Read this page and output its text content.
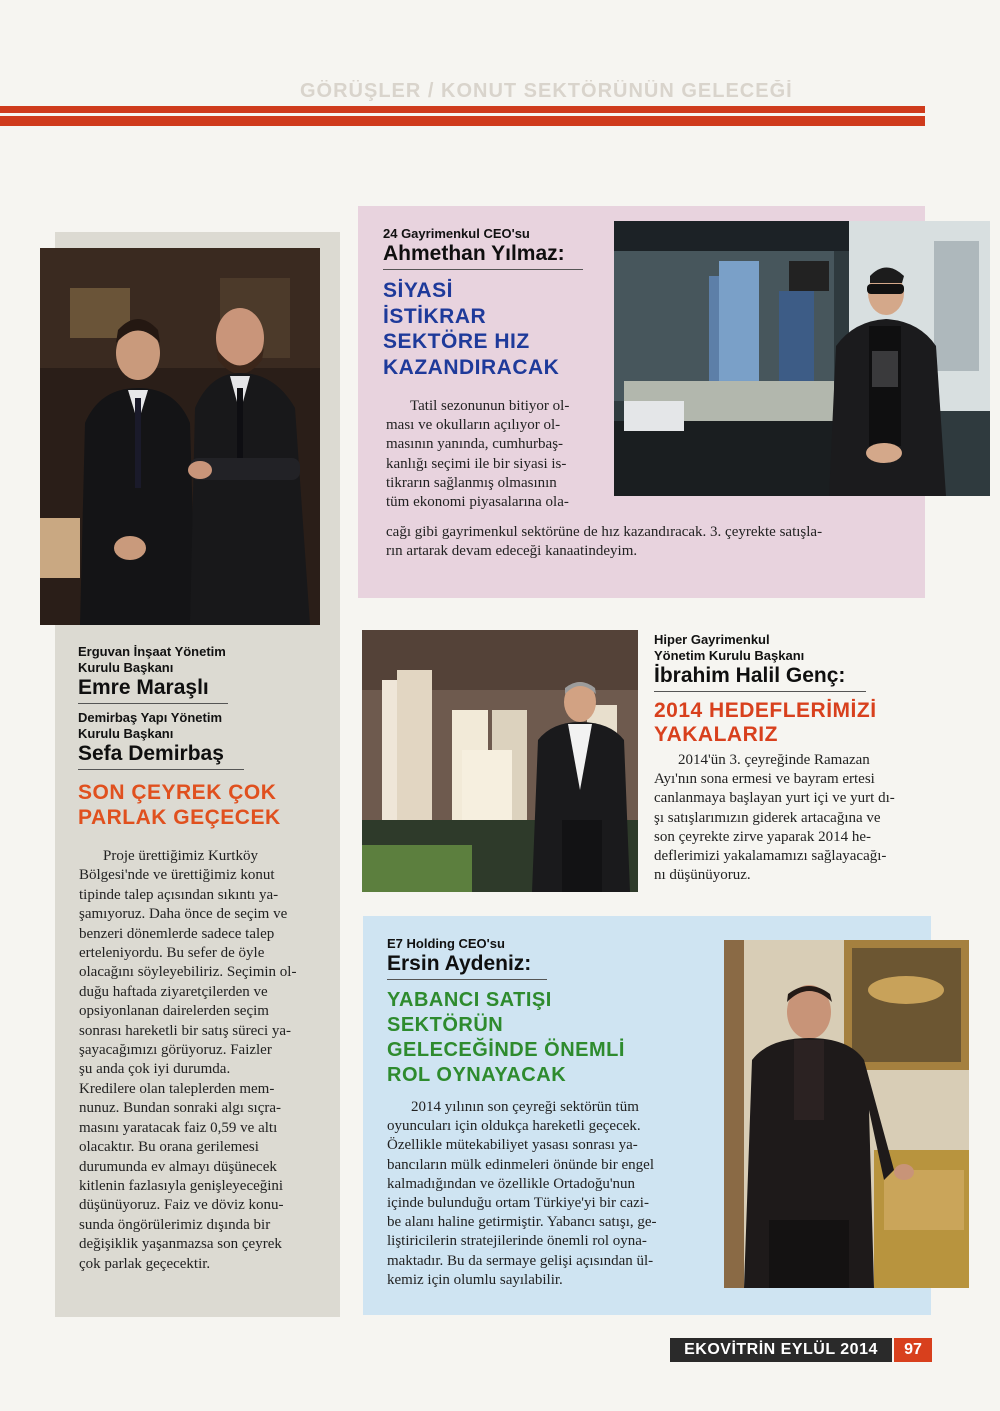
GÖRÜŞLER / KONUT SEKTÖRÜNÜN GELECEĞİ
Erguvan İnşaat Yönetim
Kurulu Başkanı
Emre Maraşlı
Demirbaş Yapı Yönetim
Kurulu Başkanı
Sefa Demirbaş
SON ÇEYREK ÇOK
PARLAK GEÇECEK
Proje ürettiğimiz Kurtköy
Bölgesi'nde ve ürettiğimiz konut
tipinde talep açısından sıkıntı ya-
şamıyoruz. Daha önce de seçim ve
benzeri dönemlerde sadece talep
erteleniyordu. Bu sefer de öyle
olacağını söyleyebiliriz. Seçimin ol-
duğu haftada ziyaretçilerden ve
opsiyonlanan dairelerden seçim
sonrası hareketli bir satış süreci ya-
şayacağımızı görüyoruz. Faizler
şu anda çok iyi durumda.
Kredilere olan taleplerden mem-
nunuz. Bundan sonraki algı sıçra-
masını yaratacak faiz 0,59 ve altı
olacaktır. Bu orana gerilemesi
durumunda ev almayı düşünecek
kitlenin fazlasıyla genişleyeceğini
düşünüyoruz. Faiz ve döviz konu-
sunda öngörülerimiz dışında bir
değişiklik yaşanmazsa son çeyrek
çok parlak geçecektir.
24 Gayrimenkul CEO'su
Ahmethan Yılmaz:
SİYASİ
İSTİKRAR
SEKTÖRE HIZ
KAZANDIRACAK
Tatil sezonunun bitiyor ol-
ması ve okulların açılıyor ol-
masının yanında, cumhurbaş-
kanlığı seçimi ile bir siyasi is-
tikrarın sağlanmış olmasının
tüm ekonomi piyasalarına ola-
cağı gibi gayrimenkul sektörüne de hız kazandıracak. 3. çeyrekte satışla-
rın artarak devam edeceği kanaatindeyim.
Hiper Gayrimenkul
Yönetim Kurulu Başkanı
İbrahim Halil Genç:
2014 HEDEFLERİMİZİ
YAKALARIZ
2014'ün 3. çeyreğinde Ramazan
Ayı'nın sona ermesi ve bayram ertesi
canlanmaya başlayan yurt içi ve yurt dı-
şı satışlarımızın giderek artacağına ve
son çeyrekte zirve yaparak 2014 he-
deflerimizi yakalamamızı sağlayacağı-
nı düşünüyoruz.
E7 Holding CEO'su
Ersin Aydeniz:
YABANCI SATIŞI
SEKTÖRÜN
GELECEĞİNDE ÖNEMLİ
ROL OYNAYACAK
2014 yılının son çeyreği sektörün tüm
oyuncuları için oldukça hareketli geçecek.
Özellikle mütekabiliyet yasası sonrası ya-
bancıların mülk edinmeleri önünde bir engel
kalmadığından ve özellikle Ortadoğu'nun
içinde bulunduğu ortam Türkiye'yi bir cazi-
be alanı haline getirmiştir. Yabancı satışı, ge-
liştiricilerin stratejilerinde önemli rol oyna-
maktadır. Bu da sermaye gelişi açısından ül-
kemiz için olumlu sayılabilir.
EKOVİTRİN EYLÜL 2014	97
